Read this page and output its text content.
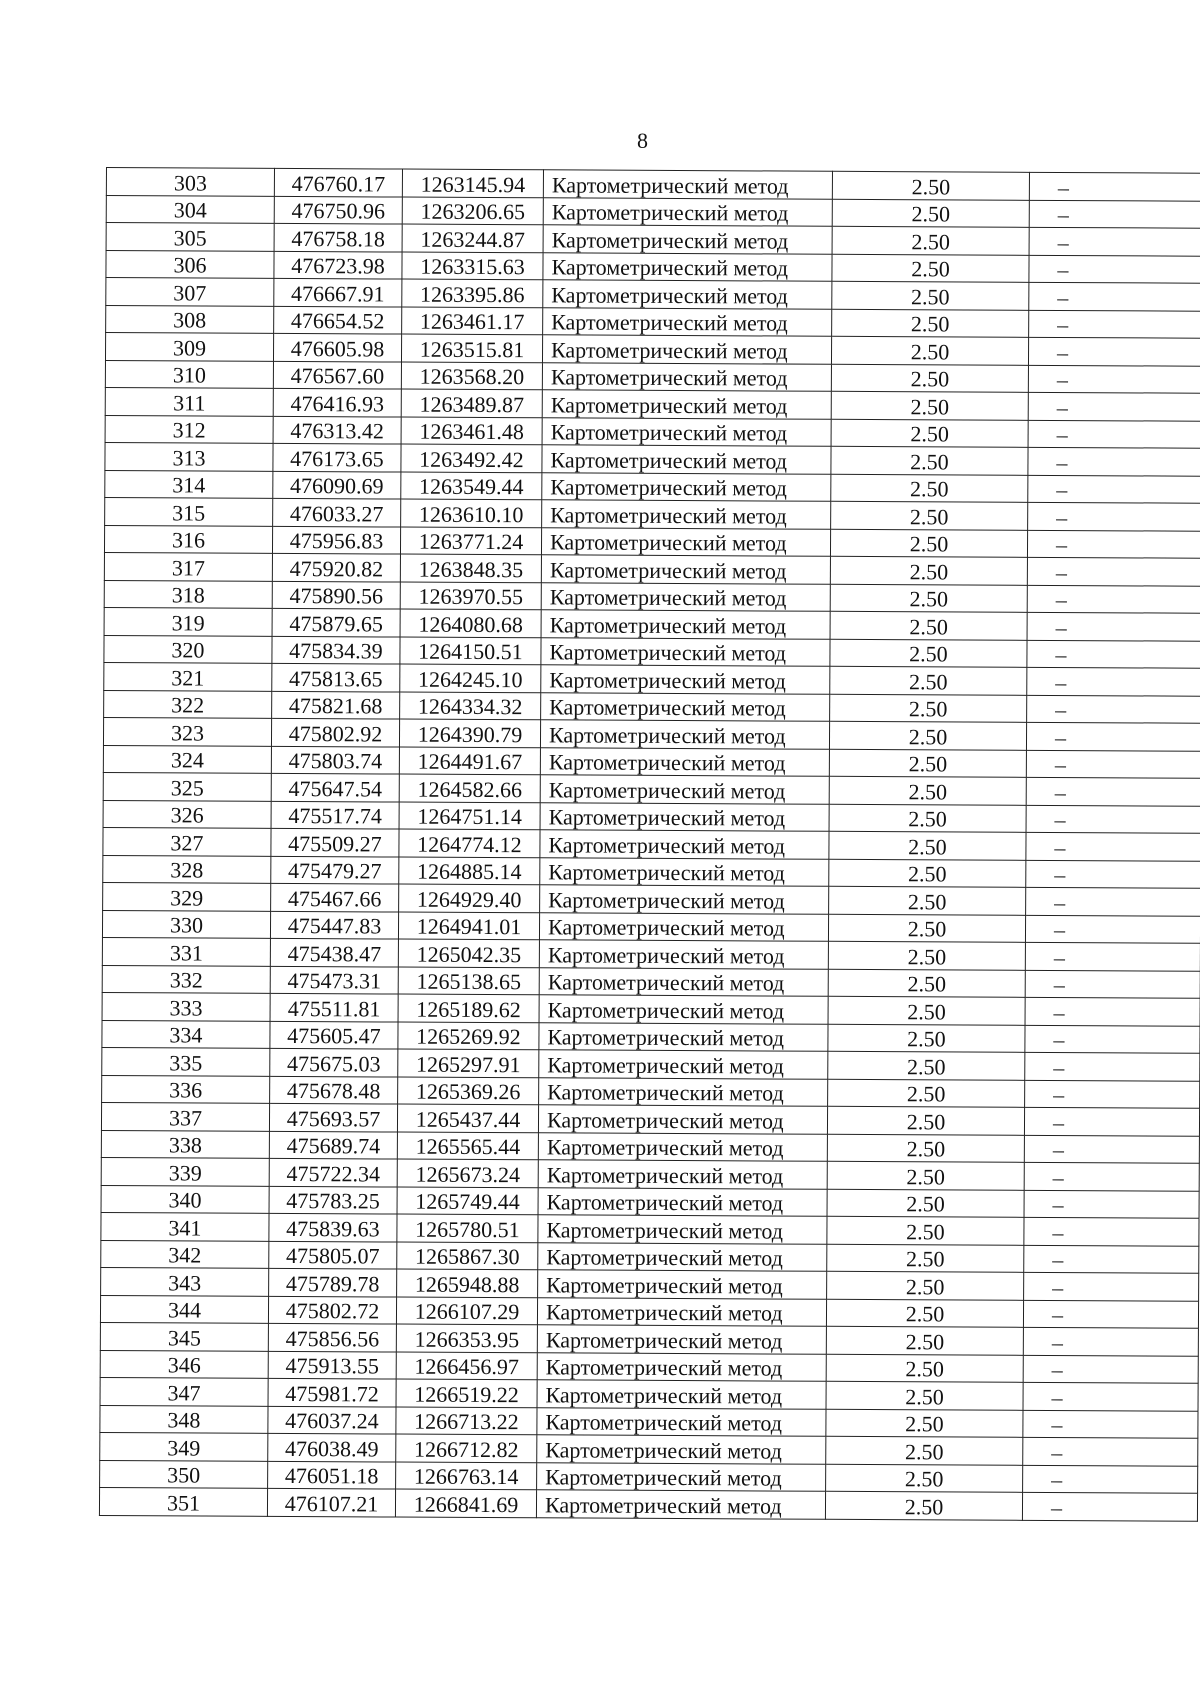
8
303	476760.17	1263145.94	Картометрический метод	2.50	–
304	476750.96	1263206.65	Картометрический метод	2.50	–
305	476758.18	1263244.87	Картометрический метод	2.50	–
306	476723.98	1263315.63	Картометрический метод	2.50	–
307	476667.91	1263395.86	Картометрический метод	2.50	–
308	476654.52	1263461.17	Картометрический метод	2.50	–
309	476605.98	1263515.81	Картометрический метод	2.50	–
310	476567.60	1263568.20	Картометрический метод	2.50	–
311	476416.93	1263489.87	Картометрический метод	2.50	–
312	476313.42	1263461.48	Картометрический метод	2.50	–
313	476173.65	1263492.42	Картометрический метод	2.50	–
314	476090.69	1263549.44	Картометрический метод	2.50	–
315	476033.27	1263610.10	Картометрический метод	2.50	–
316	475956.83	1263771.24	Картометрический метод	2.50	–
317	475920.82	1263848.35	Картометрический метод	2.50	–
318	475890.56	1263970.55	Картометрический метод	2.50	–
319	475879.65	1264080.68	Картометрический метод	2.50	–
320	475834.39	1264150.51	Картометрический метод	2.50	–
321	475813.65	1264245.10	Картометрический метод	2.50	–
322	475821.68	1264334.32	Картометрический метод	2.50	–
323	475802.92	1264390.79	Картометрический метод	2.50	–
324	475803.74	1264491.67	Картометрический метод	2.50	–
325	475647.54	1264582.66	Картометрический метод	2.50	–
326	475517.74	1264751.14	Картометрический метод	2.50	–
327	475509.27	1264774.12	Картометрический метод	2.50	–
328	475479.27	1264885.14	Картометрический метод	2.50	–
329	475467.66	1264929.40	Картометрический метод	2.50	–
330	475447.83	1264941.01	Картометрический метод	2.50	–
331	475438.47	1265042.35	Картометрический метод	2.50	–
332	475473.31	1265138.65	Картометрический метод	2.50	–
333	475511.81	1265189.62	Картометрический метод	2.50	–
334	475605.47	1265269.92	Картометрический метод	2.50	–
335	475675.03	1265297.91	Картометрический метод	2.50	–
336	475678.48	1265369.26	Картометрический метод	2.50	–
337	475693.57	1265437.44	Картометрический метод	2.50	–
338	475689.74	1265565.44	Картометрический метод	2.50	–
339	475722.34	1265673.24	Картометрический метод	2.50	–
340	475783.25	1265749.44	Картометрический метод	2.50	–
341	475839.63	1265780.51	Картометрический метод	2.50	–
342	475805.07	1265867.30	Картометрический метод	2.50	–
343	475789.78	1265948.88	Картометрический метод	2.50	–
344	475802.72	1266107.29	Картометрический метод	2.50	–
345	475856.56	1266353.95	Картометрический метод	2.50	–
346	475913.55	1266456.97	Картометрический метод	2.50	–
347	475981.72	1266519.22	Картометрический метод	2.50	–
348	476037.24	1266713.22	Картометрический метод	2.50	–
349	476038.49	1266712.82	Картометрический метод	2.50	–
350	476051.18	1266763.14	Картометрический метод	2.50	–
351	476107.21	1266841.69	Картометрический метод	2.50	–
